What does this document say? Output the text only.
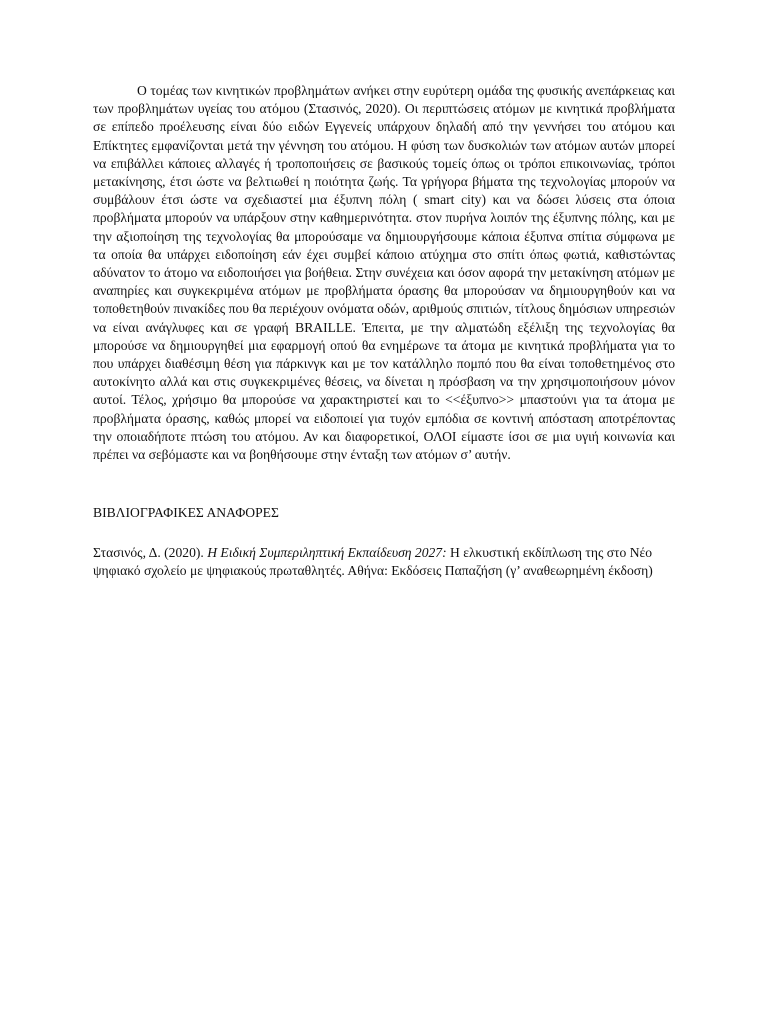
Ο τομέας των κινητικών προβλημάτων ανήκει στην ευρύτερη ομάδα της φυσικής ανεπάρκειας και των προβλημάτων υγείας του ατόμου (Στασινός, 2020). Οι περιπτώσεις ατόμων με κινητικά προβλήματα σε επίπεδο προέλευσης είναι δύο ειδών Εγγενείς υπάρχουν δηλαδή από την γεννήσει του ατόμου και Επίκτητες εμφανίζονται μετά την γέννηση του ατόμου. Η φύση των δυσκολιών των ατόμων αυτών μπορεί να επιβάλλει κάποιες αλλαγές ή τροποποιήσεις σε βασικούς τομείς όπως οι τρόποι επικοινωνίας, τρόποι μετακίνησης, έτσι ώστε να βελτιωθεί η ποιότητα ζωής. Τα γρήγορα βήματα της τεχνολογίας μπορούν να συμβάλουν έτσι ώστε να σχεδιαστεί μια έξυπνη πόλη ( smart city) και να δώσει λύσεις στα όποια προβλήματα μπορούν να υπάρξουν στην καθημερινότητα. στον πυρήνα λοιπόν της έξυπνης πόλης, και με την αξιοποίηση της τεχνολογίας θα μπορούσαμε να δημιουργήσουμε κάποια έξυπνα σπίτια σύμφωνα με τα οποία θα υπάρχει ειδοποίηση εάν έχει συμβεί κάποιο ατύχημα στο σπίτι όπως φωτιά, καθιστώντας αδύνατον το άτομο να ειδοποιήσει για βοήθεια. Στην συνέχεια και όσον αφορά την μετακίνηση ατόμων με αναπηρίες και συγκεκριμένα ατόμων με προβλήματα όρασης θα μπορούσαν να δημιουργηθούν και να τοποθετηθούν πινακίδες που θα περιέχουν ονόματα οδών, αριθμούς σπιτιών, τίτλους δημόσιων υπηρεσιών να είναι ανάγλυφες και σε γραφή BRAILLE. Έπειτα, με την αλματώδη εξέλιξη της τεχνολογίας θα μπορούσε να δημιουργηθεί μια εφαρμογή οπού θα ενημέρωνε τα άτομα με κινητικά προβλήματα για το που υπάρχει διαθέσιμη θέση για πάρκινγκ και με τον κατάλληλο πομπό που θα είναι τοποθετημένος στο αυτοκίνητο αλλά και στις συγκεκριμένες θέσεις, να δίνεται η πρόσβαση να την χρησιμοποιήσουν μόνον αυτοί. Τέλος, χρήσιμο θα μπορούσε να χαρακτηριστεί και το <<έξυπνο>> μπαστούνι για τα άτομα με προβλήματα όρασης, καθώς μπορεί να ειδοποιεί για τυχόν εμπόδια σε κοντινή απόσταση αποτρέποντας την οποιαδήποτε πτώση του ατόμου. Αν και διαφορετικοί, ΟΛΟΙ είμαστε ίσοι σε μια υγιή κοινωνία και πρέπει να σεβόμαστε και να βοηθήσουμε στην ένταξη των ατόμων σ’ αυτήν.

ΒΙΒΛΙΟΓΡΑΦΙΚΕΣ ΑΝΑΦΟΡΕΣ

Στασινός, Δ. (2020). Η Ειδική Συμπεριληπτική Εκπαίδευση 2027: Η ελκυστική εκδίπλωση της στο Νέο ψηφιακό σχολείο με ψηφιακούς πρωταθλητές. Αθήνα: Εκδόσεις Παπαζήση (γ’ αναθεωρημένη έκδοση)
